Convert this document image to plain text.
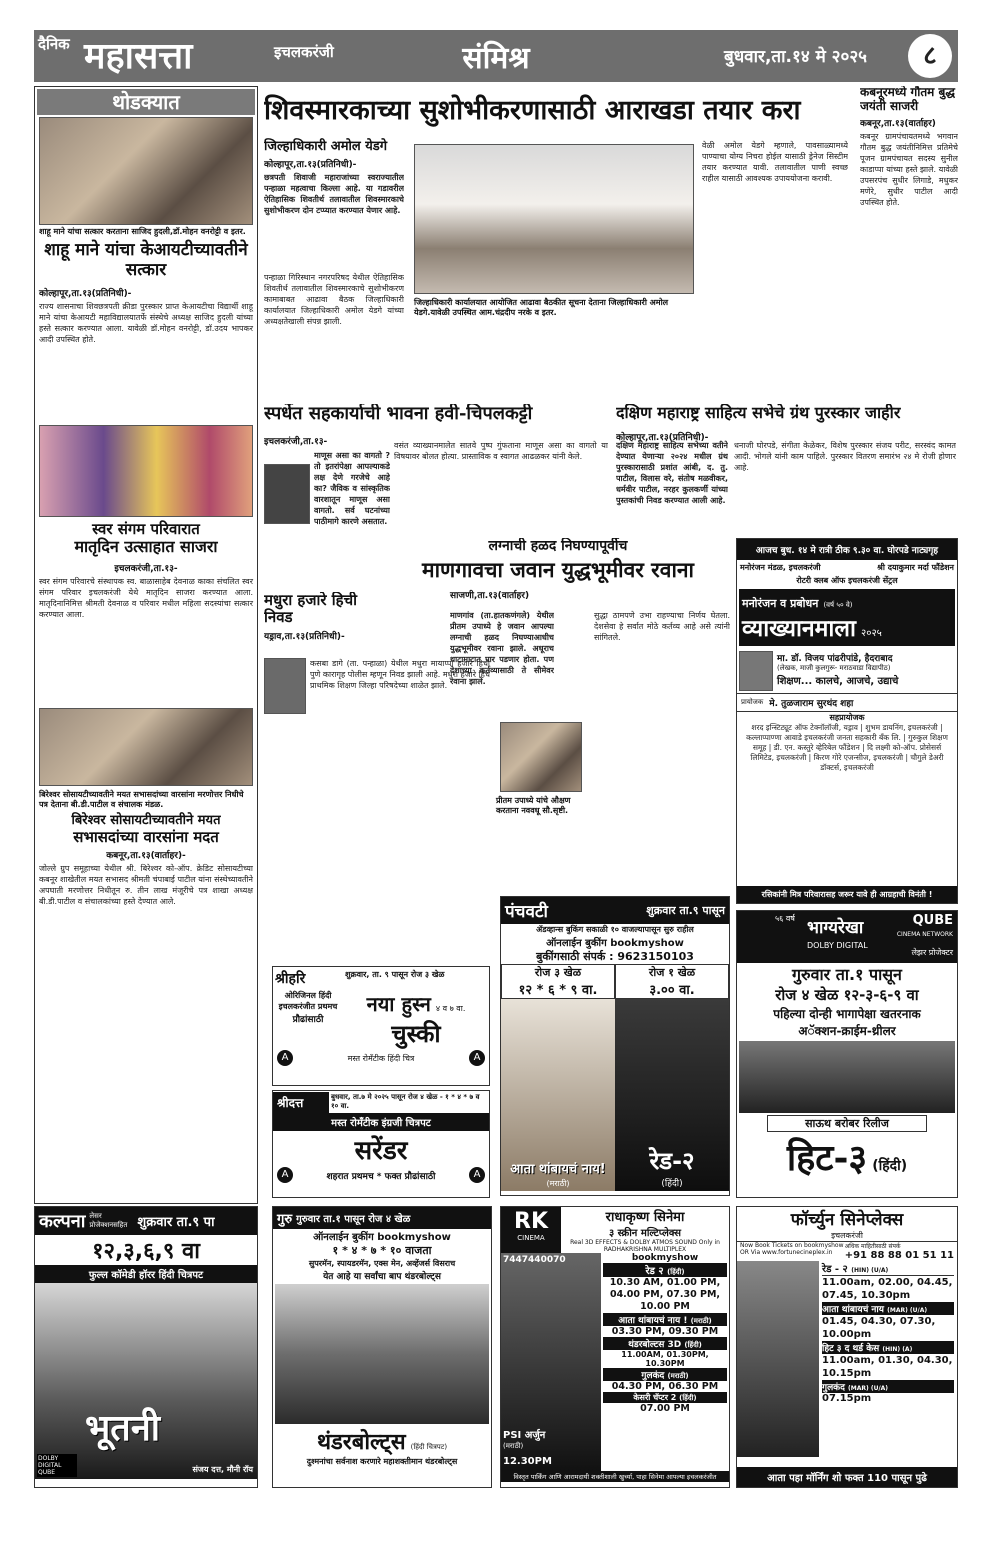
दैनिक महासत्ता	इचलकरंजी	संमिश्र	बुधवार,ता.१४ मे २०२५	८
थोडक्यात
शाहू माने यांचा सत्कार करताना साजिद हुदली,डॉ.मोहन वनरोट्टी व इतर.
शाहू माने यांचा केआयटीच्यावतीने सत्कार
कोल्हापूर,ता.१३(प्रतिनिधी)-
राज्य शासनाचा शिवछत्रपती क्रीडा पुरस्कार प्राप्त केआयटीचा विद्यार्थी शाहू माने यांचा केआयटी महाविद्यालयातर्फे संस्थेचे अध्यक्ष साजिद हुदली यांच्या हस्ते सत्कार करण्यात आला. यावेळी डॉ.मोहन वनरोट्टी, डॉ.उदय भापकर आदी उपस्थित होते.
स्वर संगम परिवारात
मातृदिन उत्साहात साजरा
इचलकरंजी,ता.१३-
स्वर संगम परिवारचे संस्थापक स्व. बाळासाहेब देवनाळ काका संचलित स्वर संगम परिवार इचलकरंजी येथे मातृदिन साजरा करण्यात आला. मातृदिनानिमित्त श्रीमती देवनाळ व परिवार मधील महिला सदस्यांचा सत्कार करण्यात आला.
बिरेश्वर सोसायटीच्यावतीने मयत सभासदांच्या वारसांना मरणोत्तर निधीचे पत्र देताना बी.डी.पाटील व संचालक मंडळ.
बिरेश्वर सोसायटीच्यावतीने मयत
सभासदांच्या वारसांना मदत
कबनूर,ता.१३(वार्ताहर)-
जोल्ले ग्रुप समूहाच्या येथील श्री. बिरेश्वर को-ऑप. क्रेडिट सोसायटीच्या कबनूर शाखेतील मयत सभासद श्रीमती चंपाबाई पाटील यांना संस्थेच्यावतीने अपघाती मरणोत्तर निधीतून रु. तीन लाख मंजूरीचे पत्र शाखा अध्यक्ष बी.डी.पाटील व संचालकांच्या हस्ते देण्यात आले.
शिवस्मारकाच्या सुशोभीकरणासाठी आराखडा तयार करा
जिल्हाधिकारी अमोल येडगे
कोल्हापूर,ता.१३(प्रतिनिधी)-
छत्रपती शिवाजी महाराजांच्या स्वराज्यातील पन्हाळा महत्वाचा किल्ला आहे. या गडावरील ऐतिहासिक शिवतीर्थ तलावातील शिवस्मारकाचे सुशोभीकरण दोन टप्प्यात करण्यात येणार आहे.
पन्हाळा गिरिस्थान नगरपरिषद येथील ऐतिहासिक शिवतीर्थ तलावातील शिवस्मारकाचे सुशोभीकरण कामाबाबत आढावा बैठक जिल्हाधिकारी कार्यालयात जिल्हाधिकारी अमोल येडगे यांच्या अध्यक्षतेखाली संपन्न झाली.
जिल्हाधिकारी कार्यालयात आयोजित आढावा बैठकीत सूचना देताना जिल्हाधिकारी अमोल येडगे.यावेळी उपस्थित आम.चंद्रदीप नरके व इतर.
वेळी अमोल येडगे म्हणाले, पावसाळ्यामध्ये पाण्याचा योग्य निचरा होईल यासाठी ड्रेनेज सिस्टीम तयार करण्यात यावी. तलावातील पाणी स्वच्छ राहील यासाठी आवश्यक उपाययोजना करावी.
कबनूरमध्ये गौतम बुद्ध जयंती साजरी
कबनूर,ता.१३(वार्ताहर)
कबनूर ग्रामपंचायतमध्ये भगवान गौतम बुद्ध जयंतीनिमित्त प्रतिमेचे पूजन ग्रामपंचायत सदस्य सुनील काडाप्पा यांच्या हस्ते झाले. यावेळी उपसरपंच सुधीर लिगाडे, मधुकर मणेरे, सुधीर पाटील आदी उपस्थित होते.
स्पर्धेत सहकार्याची भावना हवी-चिपलकट्टी
इचलकरंजी,ता.१३-
माणूस असा का वागतो ? तो इतरांपेक्षा आपल्याकडे लक्ष देणे गरजेचे आहे का? जैविक व सांस्कृतिक वारशातून माणूस असा वागतो. सर्व घटनांच्या पाठीमागे कारणे असतात.
वसंत व्याख्यानमालेत सातवे पुष्प गुंफताना माणूस असा का वागतो या विषयावर बोलत होत्या. प्रास्ताविक व स्वागत आढळकर यांनी केले.
दक्षिण महाराष्ट्र साहित्य सभेचे ग्रंथ पुरस्कार जाहीर
कोल्हापूर,ता.१३(प्रतिनिधी)-
दक्षिण महाराष्ट्र साहित्य सभेच्या वतीने देण्यात येणाऱ्या २०२४ मधील ग्रंथ पुरस्कारासाठी प्रशांत आंबी, द. तु. पाटील, विलास वरे, संतोष मळवीकर, धर्मवीर पाटील, नरहर कुलकर्णी यांच्या पुस्तकांची निवड करण्यात आली आहे.
धनाजी घोरपडे, संगीता केळेकर, विशेष पुरस्कार संजय परीट, सरस्वंद कामत आदी. भोगले यांनी काम पाहिले. पुरस्कार वितरण समारंभ २४ मे रोजी होणार आहे.
आजच बुध. १४ मे रात्री ठीक ९.३० वा. घोरपडे नाट्यगृह
मनोरंजन मंडळ, इचलकरंजी	श्री दयाकुमार मर्दा फौंडेशन
रोटरी क्लब ऑफ इचलकरंजी सेंट्रल
मनोरंजन व प्रबोधन (वर्ष ५० वे)
व्याख्यानमाला २०२५
मा. डॉ. विजय पांढरीपांडे, हैदराबाद
(लेखक, माजी कुलगुरू- मराठवाडा विद्यापीठ)
शिक्षण... कालचे, आजचे, उद्याचे
प्रायोजक मे. तुळजाराम सुरथंद शहा
सहप्रायोजक
शरद इन्स्टिट्यूट ऑफ टेक्नॉलॉजी, यड्राव | शुभम डायनिंग, इचलकरंजी | कल्लाप्पाण्णा आवाडे इचलकरंजी जनता सहकारी बँक लि. | गुरुकुल शिक्षण समूह | डी. एन. कस्तुरे व्हेरिबेल फौंडेशन | दि लक्ष्मी को-ऑप. प्रोसेसर्स लिमिटेड, इचलकरंजी | किरण गोरे एजन्सीज, इचलकरंजी | चौगुले डेअरी डॉक्टर्स, इचलकरंजी
रसिकांनी मित्र परिवारासह जरूर यावे ही आग्रहाची विनंती !
मधुरा हजारे हिची निवड
यड्राव,ता.१३(प्रतिनिधी)-
कसबा डागे (ता. पन्हाळा) येथील मधुरा मायाप्पा हजारे हिची पुणे कारागृह पोलीस म्हणून निवड झाली आहे. मधुरा हजारे हिचे प्राथमिक शिक्षण जिल्हा परिषदेच्या शाळेत झाले.
लग्नाची हळद निघण्यापूर्वीच
माणगावचा जवान युद्धभूमीवर रवाना
साजणी,ता.१३(वार्ताहर)
माणगांव (ता.हातकणंगले) येथील प्रीतम उपाध्ये हे जवान आपल्या लग्नाची हळद निघण्याआधीच युद्धभूमीवर रवाना झाले. अधूराच थाटामाटात पार पडणार होता. पण देशाच्या कर्तव्यासाठी ते सीमेवर रवाना झाले.
प्रीतम उपाध्ये यांचे औक्षण करताना नववधू सौ.सृष्टी.
सुद्धा ठामपणे उभा राहण्याचा निर्णय घेतला. देशसेवा हे सर्वात मोठे कर्तव्य आहे असे त्यांनी सांगितले.
पंचवटी	शुक्रवार ता.९ पासून
ॲडव्हान्स बुकिंग सकाळी १० वाजल्यापासून सुरु राहील
ऑनलाईन बुकींग bookmyshow
बुकींगसाठी संपर्क : 9623150103
रोज ३ खेळ
१२ * ६ * ९ वा.
रोज १ खेळ
३.०० वा.
आता थांबायचं नाय!
(मराठी)
रेड-२
(हिंदी)
५६ वर्ष भाग्यरेखा
DOLBY DIGITAL
QUBE
CINEMA NETWORK
लेझर प्रोजेक्टर
गुरुवार ता.१ पासून
रोज ४ खेळ १२-३-६-९ वा
पहिल्या दोन्ही भागापेक्षा खतरनाक
अॅक्शन-क्राईम-थ्रीलर
साऊथ बरोबर रिलीज
हिट-३ (हिंदी)
श्रीहरि	शुक्रवार, ता. ९ पासून रोज ३ खेळ
ओरिजिनल हिंदी इचलकरंजीत प्रथमच
प्रौढांसाठी
नया हुस्न ४ व ७ वा.
चुस्की
A	मस्त रोमँटीक हिंदी चित्र	A
श्रीदत्त	बुधवार, ता.७ मे २०२५ पासून रोज ४ खेळ - १ * ४ * ७ व १० वा.
मस्त रोमँटीक इंग्रजी चित्रपट
सरेंडर
A	शहरात प्रथमच * फक्त प्रौढांसाठी	A
कल्पना लेसर प्रोजेक्शनसहित शुक्रवार ता.९ पा
१२,३,६,९ वा
फुल्ल कॉमेडी हॉरर हिंदी चित्रपट
भूतनी
DOLBY DIGITAL QUBE	संजय दत्त, मौनी रॉय
गुरु गुरुवार ता.१ पासून रोज ४ खेळ
ऑनलाईन बुकींग bookmyshow
१ * ४ * ७ * १० वाजता
सुपरमॅन, स्पायडरमॅन, एक्स मेन, अव्हेंजर्स विसराच
येत आहे या सर्वांचा बाप थंडरबोल्ट्स
थंडरबोल्ट्स (हिंदी चित्रपट)
दुश्मनांचा सर्वनाश करणारे महाशक्तीमान थंडरबोल्ट्स
RK
CINEMA
राधाकृष्ण सिनेमा
३ स्क्रीन मल्टिप्लेक्स
Real 3D EFFECTS & DOLBY ATMOS SOUND Only in RADHAKRISHNA MULTIPLEX
7447440070
PSI अर्जुन
(मराठी)
12.30PM
bookmyshow
रेड २ (हिंदी)
10.30 AM, 01.00 PM, 04.00 PM, 07.30 PM, 10.00 PM
आता थांबायचं नाय ! (मराठी)
03.30 PM, 09.30 PM
थंडरबोल्टस 3D (हिंदी)
11.00AM, 01.30PM, 10.30PM
गुलकंद (मराठी)
04.30 PM, 06.30 PM
केसरी चॅप्टर 2 (हिंदी)
07.00 PM
विस्तृत पार्किंग आणि आरामदायी शक्तीशाली खुर्च्या, पाहा सिनेमा आपल्या इचलकरंजीत
फॉर्च्युन सिनेप्लेक्स
इचलकरंजी
Now Book Tickets on bookmyshow
OR Via www.fortunecineplex.in
अधिक माहितीसाठी संपर्क
+91 88 88 01 51 11
रेड - २ (HIN) (U/A)
11.00am, 02.00, 04.45, 07.45, 10.30pm
आता थांबायचं नाय (MAR) (U/A)
01.45, 04.30, 07.30, 10.00pm
हिट ३ द थर्ड केस (HIN) (A)
11.00am, 01.30, 04.30, 10.15pm
गुलकंद (MAR) (U/A)
07.15pm
आता पहा मॉर्निंग शो फक्त 110 पासून पुढे
